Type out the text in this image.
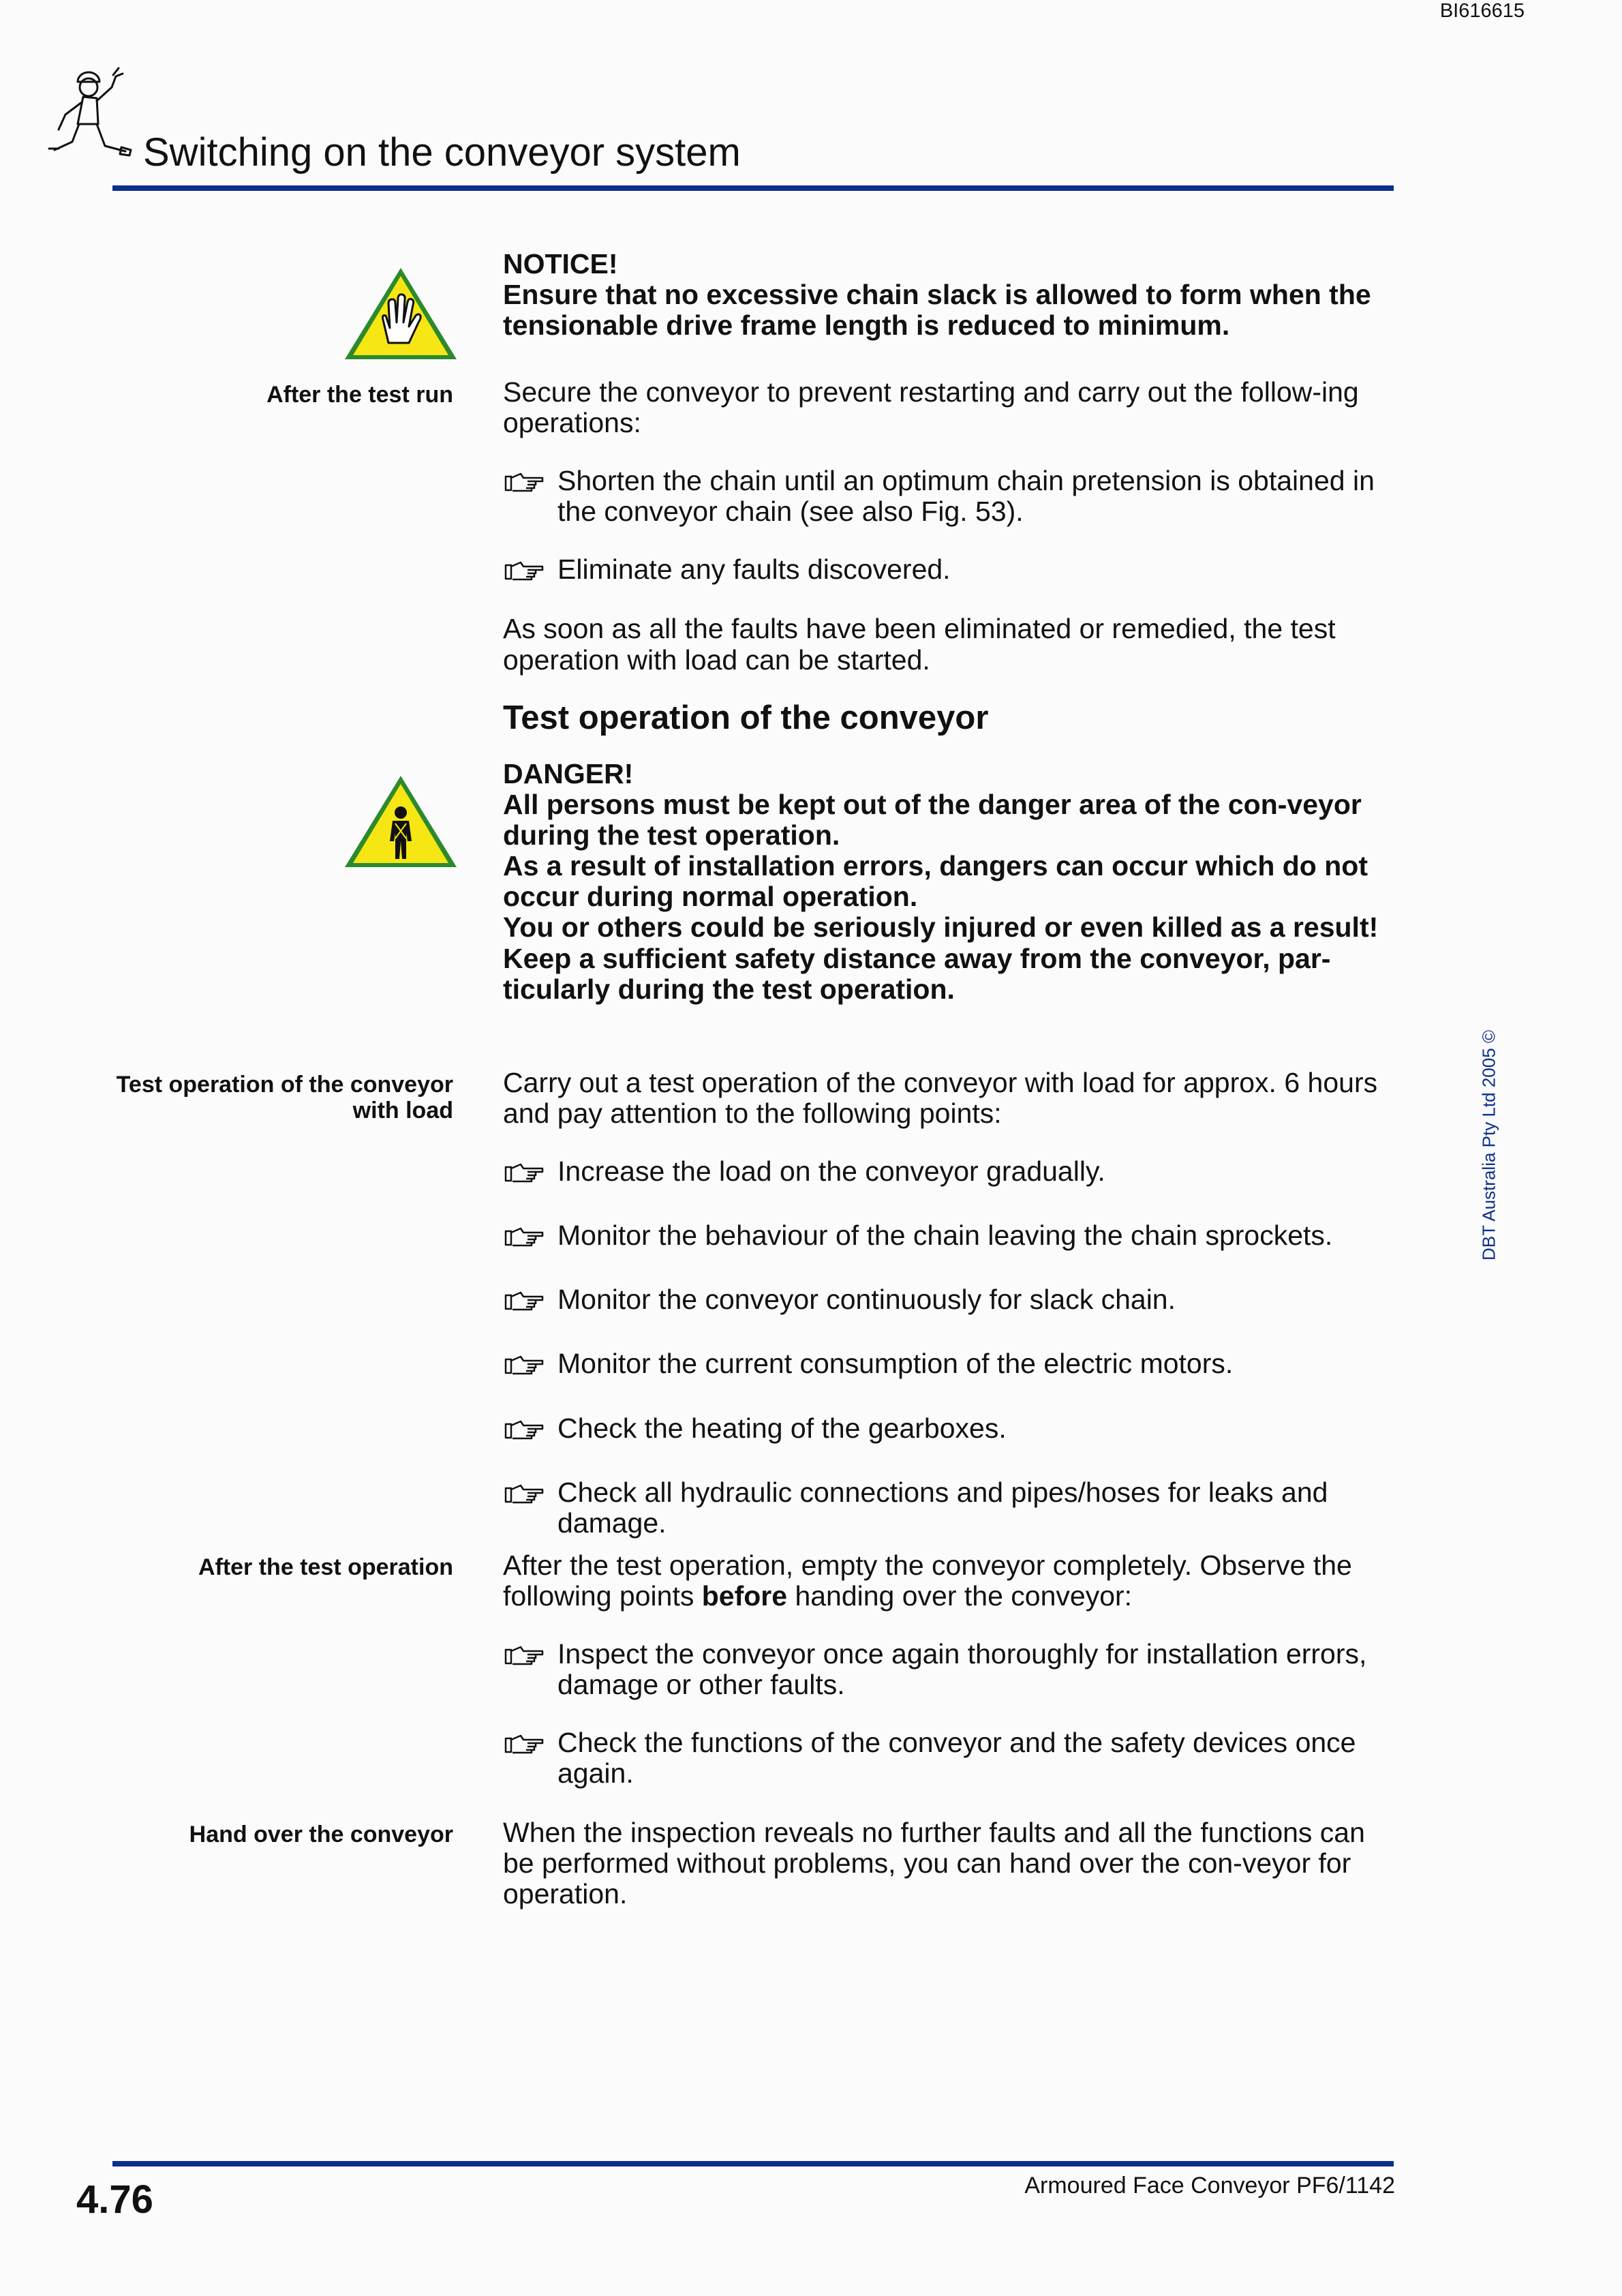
BI616615
Switching on the conveyor system
NOTICE!
Ensure that no excessive chain slack is allowed to form when the tensionable drive frame length is reduced to minimum.
After the test run Secure the conveyor to prevent restarting and carry out the follow-ing operations:
Shorten the chain until an optimum chain pretension is obtained in the conveyor chain (see also Fig. 53).
Eliminate any faults discovered.
As soon as all the faults have been eliminated or remedied, the test operation with load can be started.
Test operation of the conveyor
DANGER!
All persons must be kept out of the danger area of the con-veyor during the test operation.
As a result of installation errors, dangers can occur which do not occur during normal operation.
You or others could be seriously injured or even killed as a result!
Keep a sufficient safety distance away from the conveyor, par-ticularly during the test operation.
Test operation of the conveyor
with load
Carry out a test operation of the conveyor with load for approx. 6 hours and pay attention to the following points:
Increase the load on the conveyor gradually.
Monitor the behaviour of the chain leaving the chain sprockets.
Monitor the conveyor continuously for slack chain.
Monitor the current consumption of the electric motors.
Check the heating of the gearboxes.
Check all hydraulic connections and pipes/hoses for leaks and damage.
After the test operation After the test operation, empty the conveyor completely. Observe the following points before handing over the conveyor:
Inspect the conveyor once again thoroughly for installation errors, damage or other faults.
Check the functions of the conveyor and the safety devices once again.
Hand over the conveyor When the inspection reveals no further faults and all the functions can be performed without problems, you can hand over the con-veyor for operation.
DBT Australia Pty Ltd 2005 ©
4.76	Armoured Face Conveyor PF6/1142
